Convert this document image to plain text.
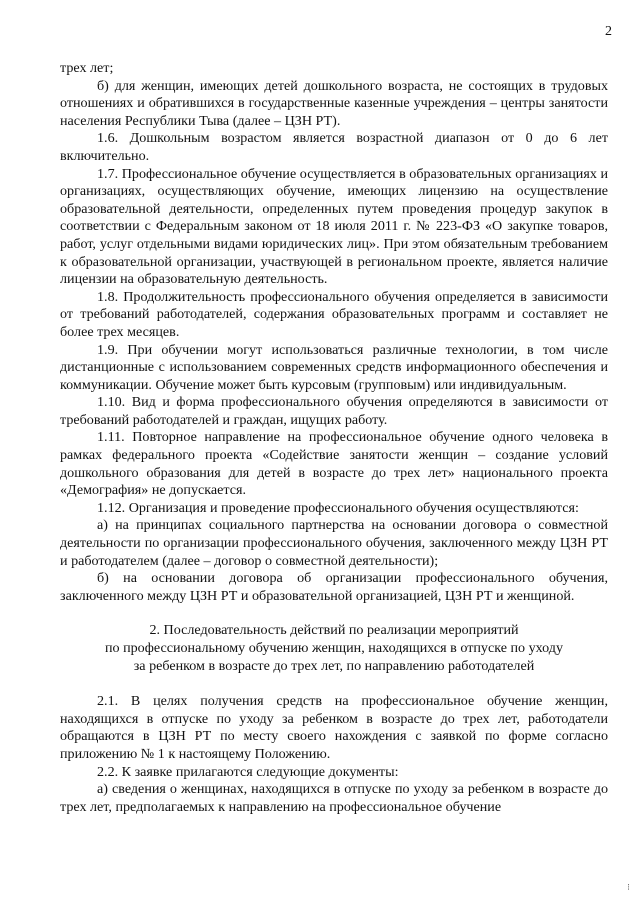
2

трех лет;

б) для женщин, имеющих детей дошкольного возраста, не состоящих в трудовых отношениях и обратившихся в государственные казенные учреждения – центры занятости населения Республики Тыва (далее – ЦЗН РТ).

1.6. Дошкольным возрастом является возрастной диапазон от 0 до 6 лет включительно.

1.7. Профессиональное обучение осуществляется в образовательных организациях и организациях, осуществляющих обучение, имеющих лицензию на осуществление образовательной деятельности, определенных путем проведения процедур закупок в соответствии с Федеральным законом от 18 июля 2011 г. № 223-ФЗ «О закупке товаров, работ, услуг отдельными видами юридических лиц». При этом обязательным требованием к образовательной организации, участвующей в региональном проекте, является наличие лицензии на образовательную деятельность.

1.8. Продолжительность профессионального обучения определяется в зависимости от требований работодателей, содержания образовательных программ и составляет не более трех месяцев.

1.9. При обучении могут использоваться различные технологии, в том числе дистанционные с использованием современных средств информационного обеспечения и коммуникации. Обучение может быть курсовым (групповым) или индивидуальным.

1.10. Вид и форма профессионального обучения определяются в зависимости от требований работодателей и граждан, ищущих работу.

1.11. Повторное направление на профессиональное обучение одного человека в рамках федерального проекта «Содействие занятости женщин – создание условий дошкольного образования для детей в возрасте до трех лет» национального проекта «Демография» не допускается.

1.12. Организация и проведение профессионального обучения осуществляются:

а) на принципах социального партнерства на основании договора о совместной деятельности по организации профессионального обучения, заключенного между ЦЗН РТ и работодателем (далее – договор о совместной деятельности);

б) на основании договора об организации профессионального обучения, заключенного между ЦЗН РТ и образовательной организацией, ЦЗН РТ и женщиной.

2. Последовательность действий по реализации мероприятий
по профессиональному обучению женщин, находящихся в отпуске по уходу
за ребенком в возрасте до трех лет, по направлению работодателей

2.1. В целях получения средств на профессиональное обучение женщин, находящихся в отпуске по уходу за ребенком в возрасте до трех лет, работодатели обращаются в ЦЗН РТ по месту своего нахождения с заявкой по форме согласно приложению № 1 к настоящему Положению.

2.2. К заявке прилагаются следующие документы:

а) сведения о женщинах, находящихся в отпуске по уходу за ребенком в возрасте до трех лет, предполагаемых к направлению на профессиональное обучение

⁝
